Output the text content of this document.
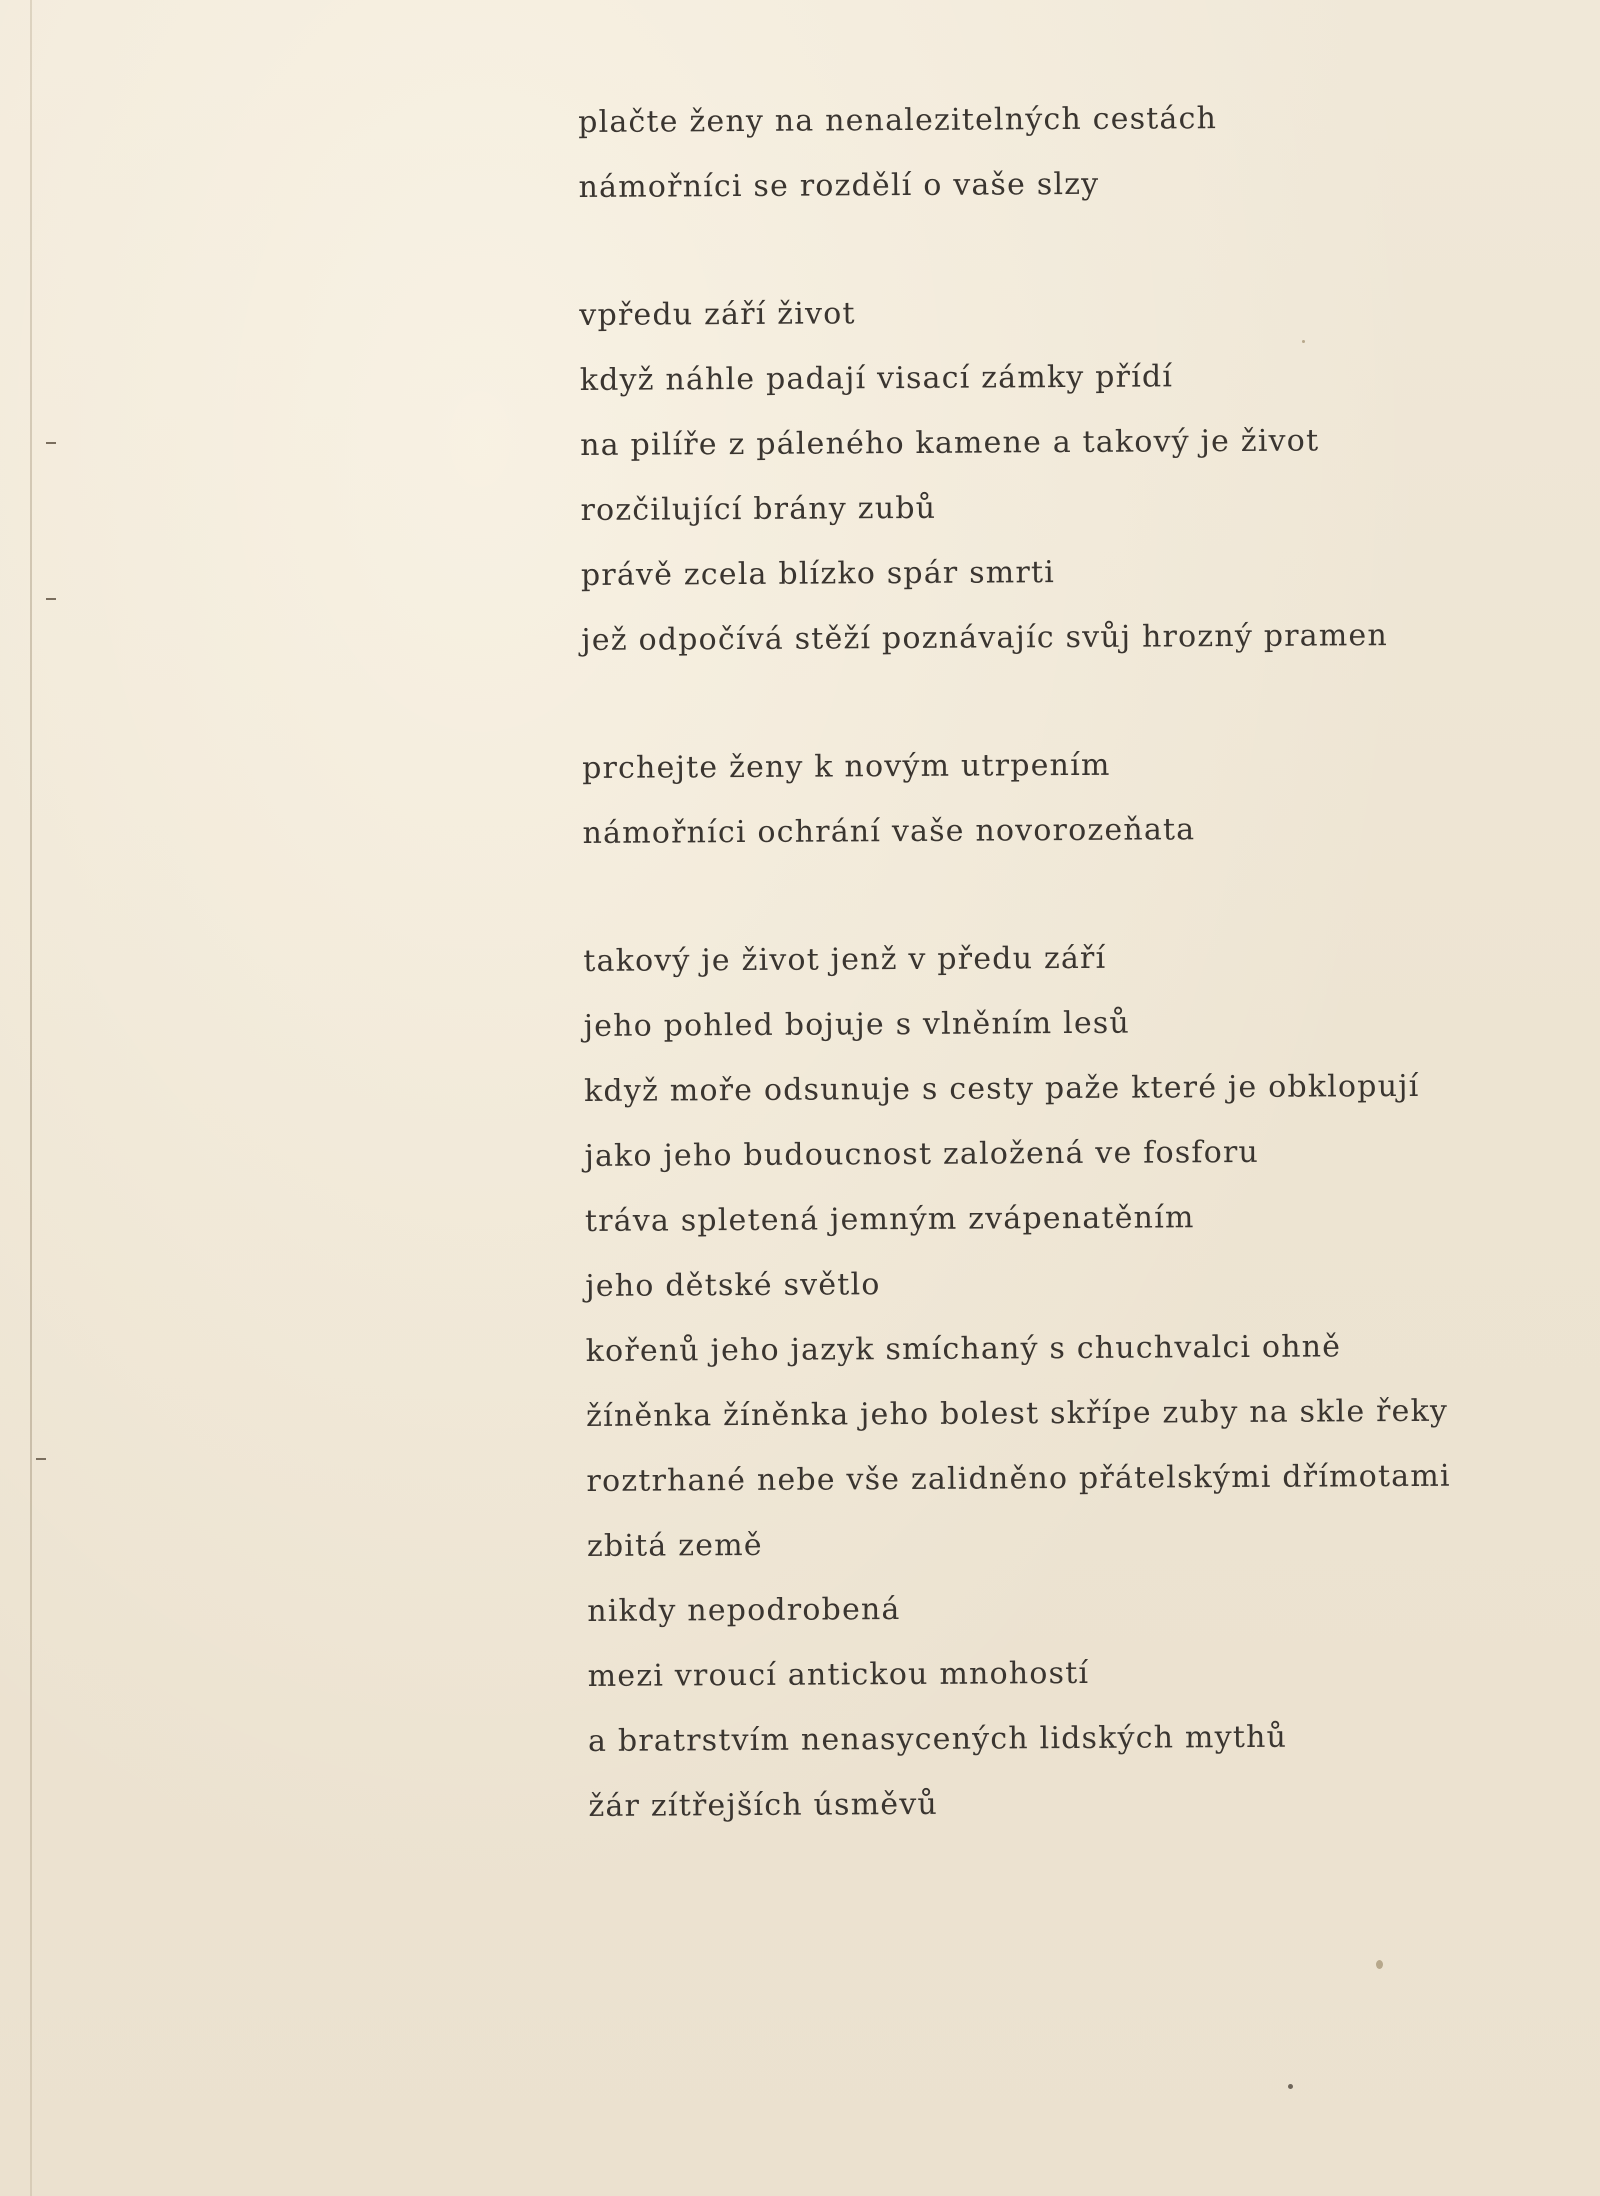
plačte ženy na nenalezitelných cestách
námořníci se rozdělí o vaše slzy
vpředu září život
když náhle padají visací zámky přídí
na pilíře z páleného kamene a takový je život
rozčilující brány zubů
právě zcela blízko spár smrti
jež odpočívá stěží poznávajíc svůj hrozný pramen
prchejte ženy k novým utrpením
námořníci ochrání vaše novorozeňata
takový je život jenž v předu září
jeho pohled bojuje s vlněním lesů
když moře odsunuje s cesty paže které je obklopují
jako jeho budoucnost založená ve fosforu
tráva spletená jemným zvápenatěním
jeho dětské světlo
kořenů jeho jazyk smíchaný s chuchvalci ohně
žíněnka žíněnka jeho bolest skřípe zuby na skle řeky
roztrhané nebe vše zalidněno přátelskými dřímotami
zbitá země
nikdy nepodrobená
mezi vroucí antickou mnohostí
a bratrstvím nenasycených lidských mythů
žár zítřejších úsměvů
